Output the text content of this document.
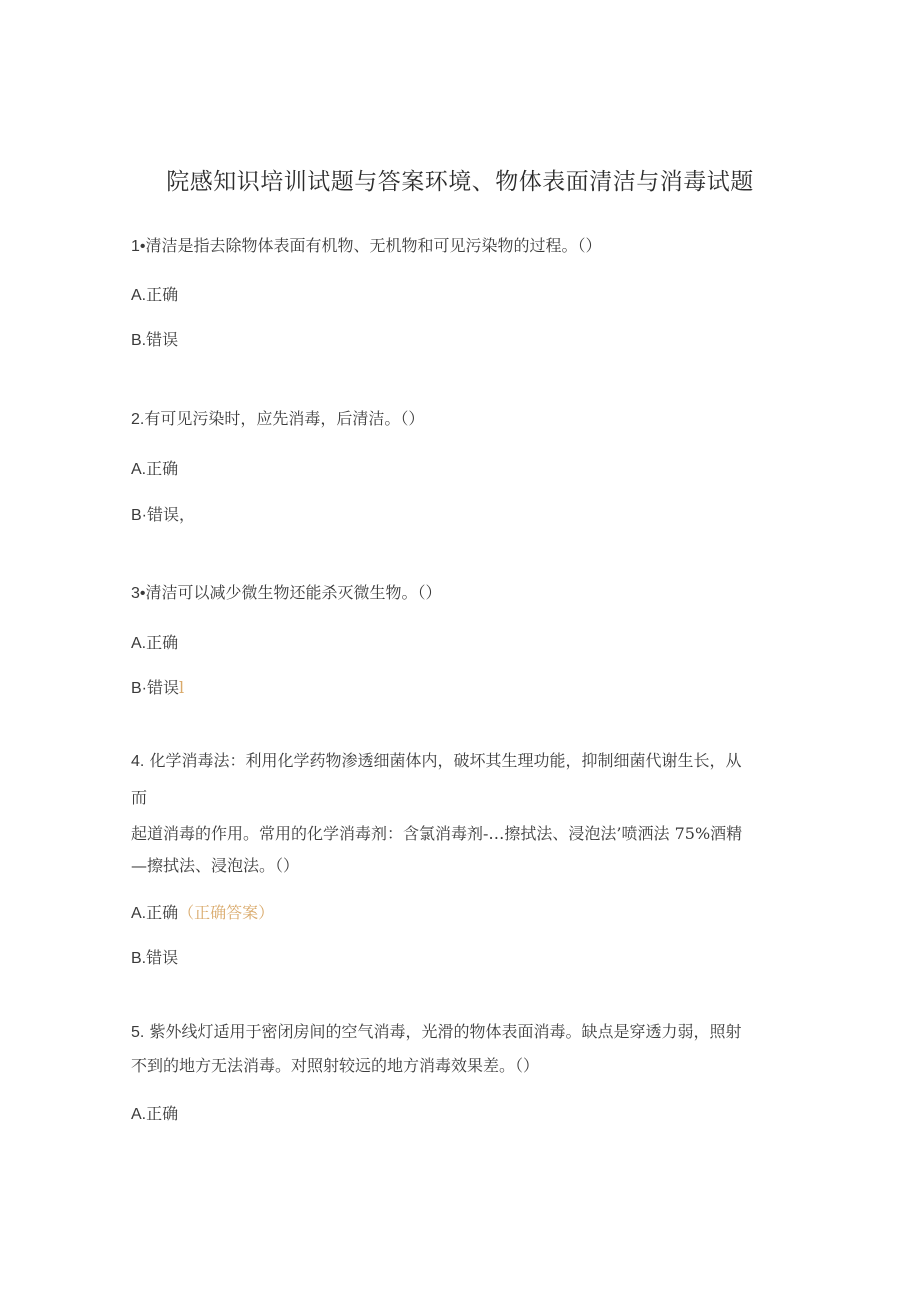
院感知识培训试题与答案环境、物体表面清洁与消毒试题
1•清洁是指去除物体表面有机物、无机物和可见污染物的过程。（）
A.正确
B.错误
2.有可见污染时，应先消毒，后清洁。（）
A.正确
B·错误，
3•清洁可以减少微生物还能杀灭微生物。（）
A.正确
B·错误l
4. 化学消毒法：利用化学药物渗透细菌体内，破坏其生理功能，抑制细菌代谢生长，从
而
起道消毒的作用。常用的化学消毒剂：含氯消毒剂-…擦拭法、浸泡法’喷洒法 75%酒精
—擦拭法、浸泡法。（）
A.正确（正确答案）
B.错误
5. 紫外线灯适用于密闭房间的空气消毒，光滑的物体表面消毒。缺点是穿透力弱，照射
不到的地方无法消毒。对照射较远的地方消毒效果差。（）
A.正确
